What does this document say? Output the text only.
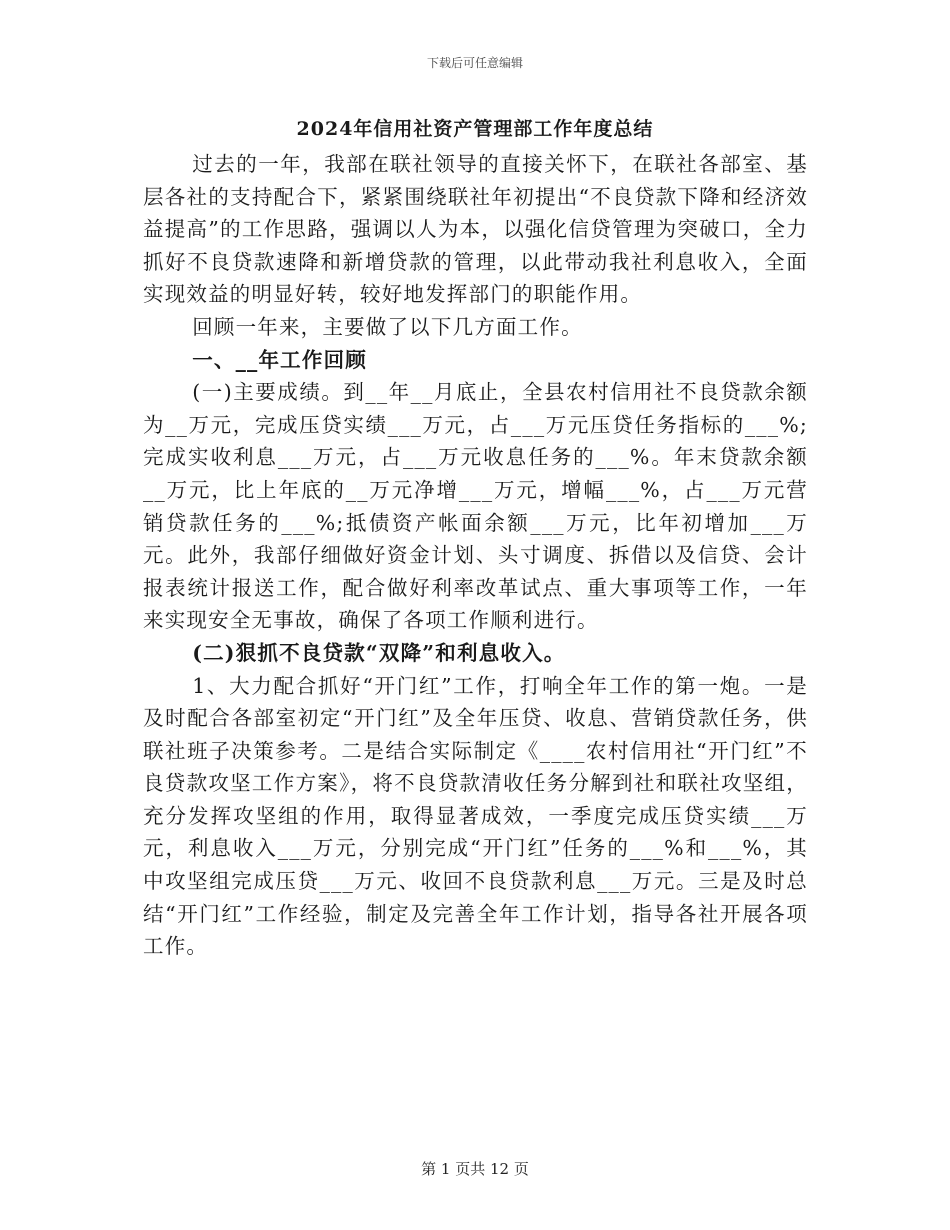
下载后可任意编辑
2024年信用社资产管理部工作年度总结

过去的一年，我部在联社领导的直接关怀下，在联社各部室、基层各社的支持配合下，紧紧围绕联社年初提出“不良贷款下降和经济效益提高”的工作思路，强调以人为本，以强化信贷管理为突破口，全力抓好不良贷款速降和新增贷款的管理，以此带动我社利息收入，全面实现效益的明显好转，较好地发挥部门的职能作用。

回顾一年来，主要做了以下几方面工作。

一、__年工作回顾

(一)主要成绩。到__年__月底止，全县农村信用社不良贷款余额为__万元，完成压贷实绩___万元，占___万元压贷任务指标的___%;完成实收利息___万元，占___万元收息任务的___%。年末贷款余额__万元，比上年底的__万元净增___万元，增幅___%，占___万元营销贷款任务的___%;抵债资产帐面余额___万元，比年初增加___万元。此外，我部仔细做好资金计划、头寸调度、拆借以及信贷、会计报表统计报送工作，配合做好利率改革试点、重大事项等工作，一年来实现安全无事故，确保了各项工作顺利进行。

(二)狠抓不良贷款“双降”和利息收入。

1、大力配合抓好“开门红”工作，打响全年工作的第一炮。一是及时配合各部室初定“开门红”及全年压贷、收息、营销贷款任务，供联社班子决策参考。二是结合实际制定《____农村信用社“开门红”不良贷款攻坚工作方案》，将不良贷款清收任务分解到社和联社攻坚组，充分发挥攻坚组的作用，取得显著成效，一季度完成压贷实绩___万元，利息收入___万元，分别完成“开门红”任务的___%和___%，其中攻坚组完成压贷___万元、收回不良贷款利息___万元。三是及时总结“开门红”工作经验，制定及完善全年工作计划，指导各社开展各项工作。

第 1 页共 12 页
